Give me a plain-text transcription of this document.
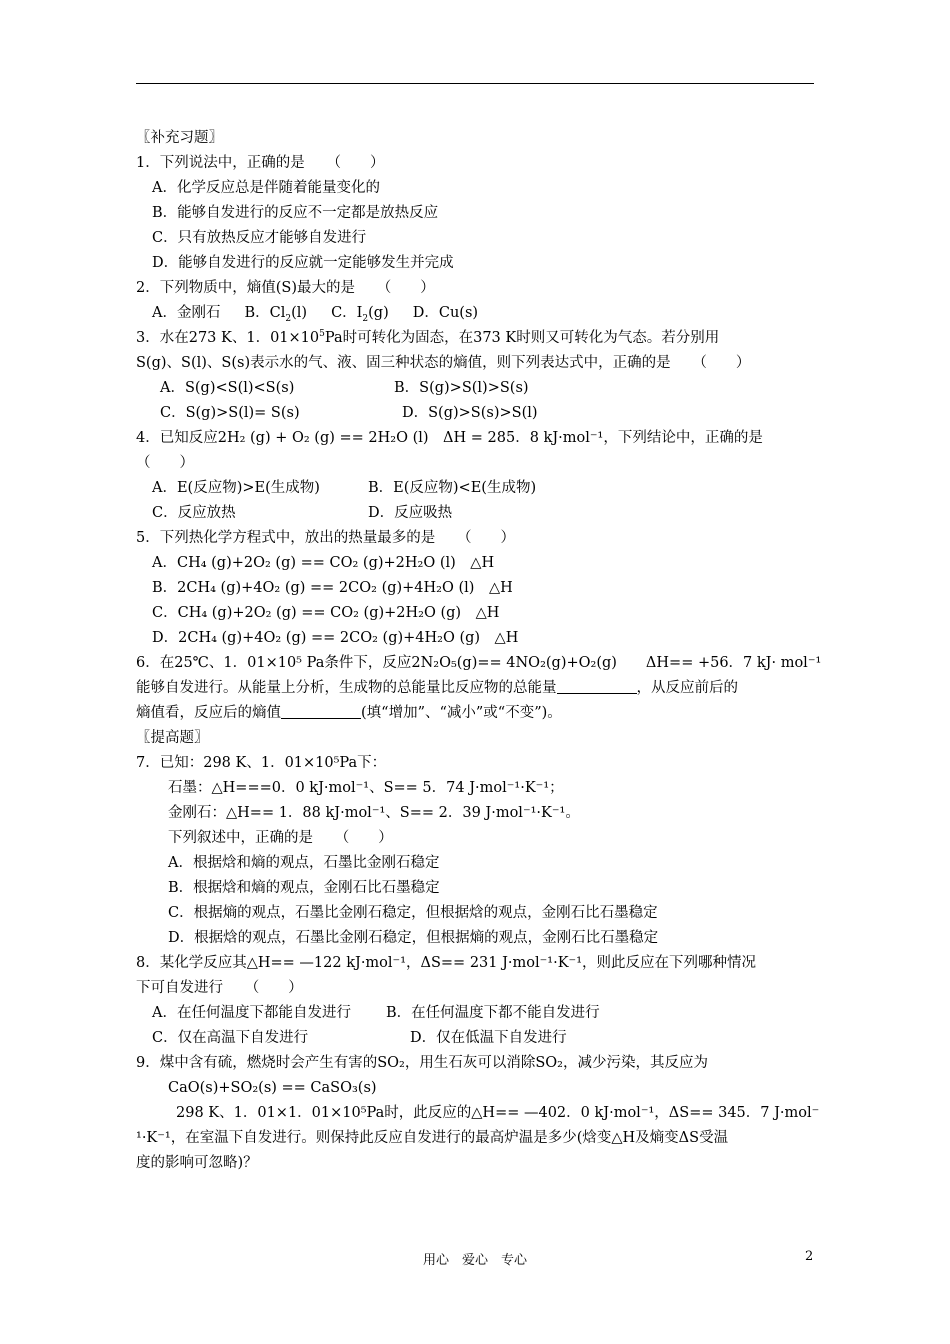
〖补充习题〗
1．下列说法中，正确的是　　（　　）
A．化学反应总是伴随着能量变化的
B．能够自发进行的反应不一定都是放热反应
C．只有放热反应才能够自发进行
D．能够自发进行的反应就一定能够发生并完成
2．下列物质中，熵值(S)最大的是　　（　　）
A．金刚石 B．$Cl_2(l)$ C．$I_2(g)$ D．Cu(s)
3．水在273 K、1．$01\times 10^5Pa$时可转化为固态，在373 K时则又可转化为气态。若分别用
S(g)、S(l)、S(s)表示水的气、液、固三种状态的熵值，则下列表达式中，正确的是　　（　　）
A．S(g)<S(l)<S(s)	B．S(g)>S(l)>S(s)
C．S(g)>S(l)= S(s)	D．S(g)>S(s)>S(l)
4．已知反应2H₂ (g) + O₂ (g) == 2H₂O (l)　ΔH = 285．8 kJ·mol⁻¹，下列结论中，正确的是
（　　）
A．E(反应物)>E(生成物)	B．E(反应物)<E(生成物)
C．反应放热	D．反应吸热
5．下列热化学方程式中，放出的热量最多的是　　（　　）
A．CH₄ (g)+2O₂ (g) == CO₂ (g)+2H₂O (l)　△H
B．2CH₄ (g)+4O₂ (g) == 2CO₂ (g)+4H₂O (l)　△H
C．CH₄ (g)+2O₂ (g) == CO₂ (g)+2H₂O (g)　△H
D．2CH₄ (g)+4O₂ (g) == 2CO₂ (g)+4H₂O (g)　△H
6．在25℃、1．01×10⁵ Pa条件下，反应2N₂O₅(g)== 4NO₂(g)+O₂(g)　　ΔH== +56．7 kJ· mol⁻¹
能够自发进行。从能量上分析，生成物的总能量比反应物的总能量	，从反应前后的
熵值看，反应后的熵值	(填“增加”、“减小”或“不变”)。
〖提高题〗
7．已知：298 K、1．01×10⁵Pa下：
石墨：△H===0．0 kJ·mol⁻¹、S== 5．74 J·mol⁻¹·K⁻¹；
金刚石：△H== 1．88 kJ·mol⁻¹、S== 2．39 J·mol⁻¹·K⁻¹。
下列叙述中，正确的是　　（　　）
A．根据焓和熵的观点，石墨比金刚石稳定
B．根据焓和熵的观点，金刚石比石墨稳定
C．根据熵的观点，石墨比金刚石稳定，但根据焓的观点，金刚石比石墨稳定
D．根据焓的观点，石墨比金刚石稳定，但根据熵的观点，金刚石比石墨稳定
8．某化学反应其△H== —122 kJ·mol⁻¹，ΔS== 231 J·mol⁻¹·K⁻¹，则此反应在下列哪种情况
下可自发进行　　（　　）
A．在任何温度下都能自发进行 B．在任何温度下都不能自发进行
C．仅在高温下自发进行	D．仅在低温下自发进行
9．煤中含有硫，燃烧时会产生有害的SO₂，用生石灰可以消除SO₂，减少污染，其反应为
CaO(s)+SO₂(s) == CaSO₃(s)
298 K、1．01×1．01×10⁵Pa时，此反应的△H== —402．0 kJ·mol⁻¹，ΔS== 345．7 J·mol⁻
¹·K⁻¹，在室温下自发进行。则保持此反应自发进行的最高炉温是多少(焓变△H及熵变ΔS受温
度的影响可忽略)？
用心　爱心　专心	2
